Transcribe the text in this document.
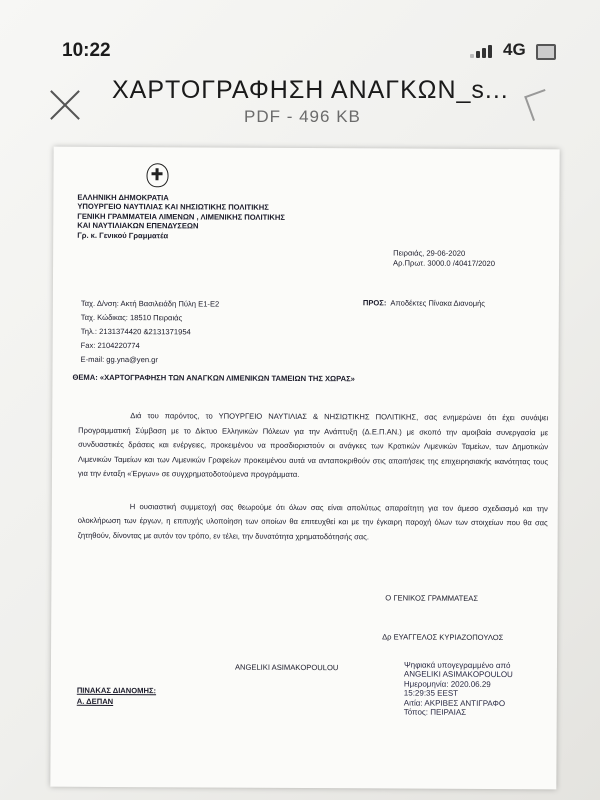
10:22	4G
ΧΑΡΤΟΓΡΑΦΗΣΗ ΑΝΑΓΚΩΝ_s...
PDF - 496 KB
ΕΛΛΗΝΙΚΗ ΔΗΜΟΚΡΑΤΙΑ
ΥΠΟΥΡΓΕΙΟ ΝΑΥΤΙΛΙΑΣ ΚΑΙ ΝΗΣΙΩΤΙΚΗΣ ΠΟΛΙΤΙΚΗΣ
ΓΕΝΙΚΗ ΓΡΑΜΜΑΤΕΙΑ ΛΙΜΕΝΩΝ , ΛΙΜΕΝΙΚΗΣ ΠΟΛΙΤΙΚΗΣ
ΚΑΙ ΝΑΥΤΙΛΙΑΚΩΝ ΕΠΕΝΔΥΣΕΩΝ
Γρ. κ. Γενικού Γραμματέα
Πειραιάς, 29-06-2020
Αρ.Πρωτ. 3000.0 /40417/2020
Ταχ. Δ/νση: Ακτή Βασιλειάδη Πύλη Ε1-Ε2
Ταχ. Κώδικας: 18510 Πειραιάς
Τηλ.: 2131374420 &2131371954
Fax: 2104220774
E-mail: gg.yna@yen.gr
ΠΡΟΣ: Αποδέκτες Πίνακα Διανομής
ΘΕΜΑ: «ΧΑΡΤΟΓΡΑΦΗΣΗ ΤΩΝ ΑΝΑΓΚΩΝ ΛΙΜΕΝΙΚΩΝ ΤΑΜΕΙΩΝ ΤΗΣ ΧΩΡΑΣ»

Διά του παρόντος, το ΥΠΟΥΡΓΕΙΟ ΝΑΥΤΙΛΙΑΣ & ΝΗΣΙΩΤΙΚΗΣ ΠΟΛΙΤΙΚΗΣ, σας ενημερώνει ότι έχει συνάψει Προγραμματική Σύμβαση με το Δίκτυο Ελληνικών Πόλεων για την Ανάπτυξη (Δ.Ε.Π.ΑΝ.) με σκοπό την αμοιβαία συνεργασία με συνδυαστικές δράσεις και ενέργειες, προκειμένου να προσδιοριστούν οι ανάγκες των Κρατικών Λιμενικών Ταμείων, των Δημοτικών Λιμενικών Ταμείων και των Λιμενικών Γραφείων προκειμένου αυτά να ανταποκριθούν στις απαιτήσεις της επιχειρησιακής ικανότητας τους για την ένταξη «Έργων» σε συγχρηματοδοτούμενα προγράμματα.

Η ουσιαστική συμμετοχή σας θεωρούμε ότι όλων σας είναι απολύτως απαραίτητη για τον άμεσο σχεδιασμό και την ολοκλήρωση των έργων, η επιτυχής υλοποίηση των οποίων θα επιτευχθεί και με την έγκαιρη παροχή όλων των στοιχείων που θα σας ζητηθούν, δίνοντας με αυτόν τον τρόπο, εν τέλει, την δυνατότητα χρηματοδότησής σας.

Ο ΓΕΝΙΚΟΣ ΓΡΑΜΜΑΤΕΑΣ
Δρ ΕΥΑΓΓΕΛΟΣ ΚΥΡΙΑΖΟΠΟΥΛΟΣ
ANGELIKI ASIMAKOPOULOU	Ψηφιακά υπογεγραμμένο από
ANGELIKI ASIMAKOPOULOU
Ημερομηνία: 2020.06.29
15:29:35 EEST
Αιτία: ΑΚΡΙΒΕΣ ΑΝΤΙΓΡΑΦΟ
Τόπος: ΠΕΙΡΑΙΑΣ
ΠΙΝΑΚΑΣ ΔΙΑΝΟΜΗΣ:
Α. ΔΕΠΑΝ
